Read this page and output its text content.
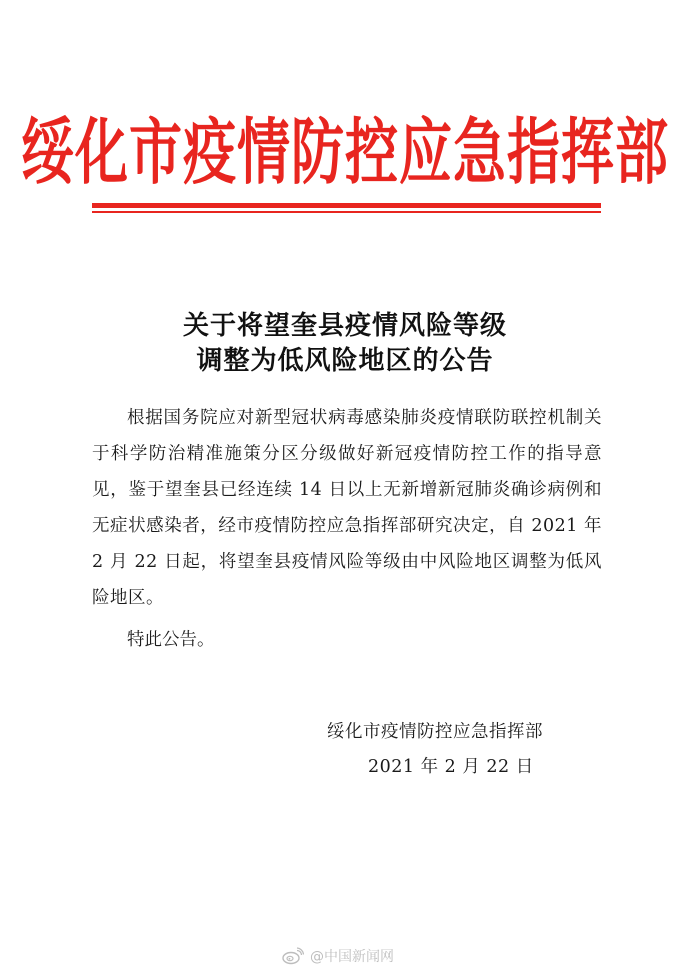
绥化市疫情防控应急指挥部
关于将望奎县疫情风险等级
调整为低风险地区的公告

根据国务院应对新型冠状病毒感染肺炎疫情联防联控机制关于科学防治精准施策分区分级做好新冠疫情防控工作的指导意见，鉴于望奎县已经连续 14 日以上无新增新冠肺炎确诊病例和无症状感染者，经市疫情防控应急指挥部研究决定，自 2021 年 2 月 22 日起，将望奎县疫情风险等级由中风险地区调整为低风险地区。

特此公告。
绥化市疫情防控应急指挥部
2021 年 2 月 22 日
@中国新闻网
